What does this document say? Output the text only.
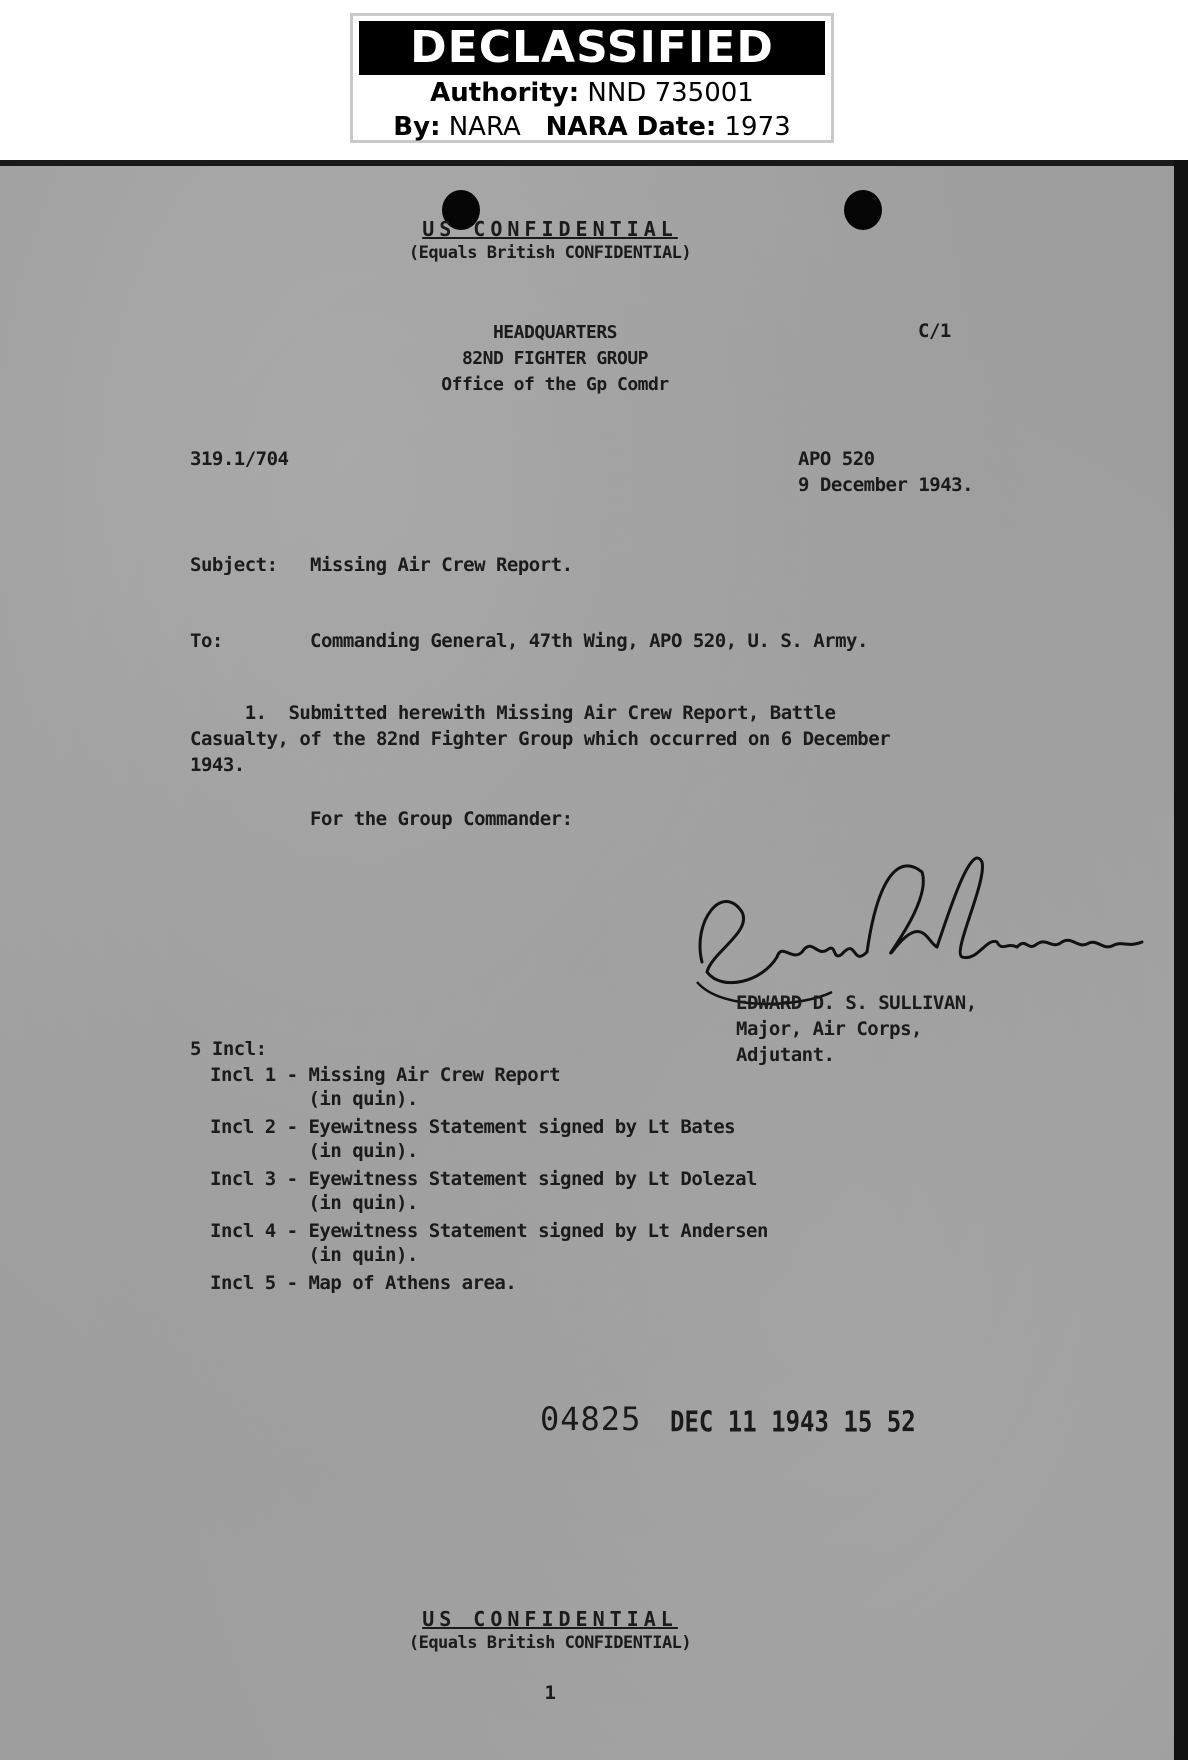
DECLASSIFIED
Authority: NND 735001
By: NARA NARA Date: 1973
US CONFIDENTIAL
(Equals British CONFIDENTIAL)
HEADQUARTERS
82ND FIGHTER GROUP
Office of the Gp Comdr
C/1
319.1/704	APO 520
9 December 1943.
Subject: Missing Air Crew Report.
To:	Commanding General, 47th Wing, APO 520, U. S. Army.
1.  Submitted herewith Missing Air Crew Report, Battle
Casualty, of the 82nd Fighter Group which occurred on 6 December
1943.
For the Group Commander:
EDWARD D. S. SULLIVAN,
Major, Air Corps,
Adjutant.
5 Incl:
Incl 1 - Missing Air Crew Report
(in quin).
Incl 2 - Eyewitness Statement signed by Lt Bates
(in quin).
Incl 3 - Eyewitness Statement signed by Lt Dolezal
(in quin).
Incl 4 - Eyewitness Statement signed by Lt Andersen
(in quin).
Incl 5 - Map of Athens area.
04825 DEC 11 1943 15 52
US CONFIDENTIAL
(Equals British CONFIDENTIAL)
1
